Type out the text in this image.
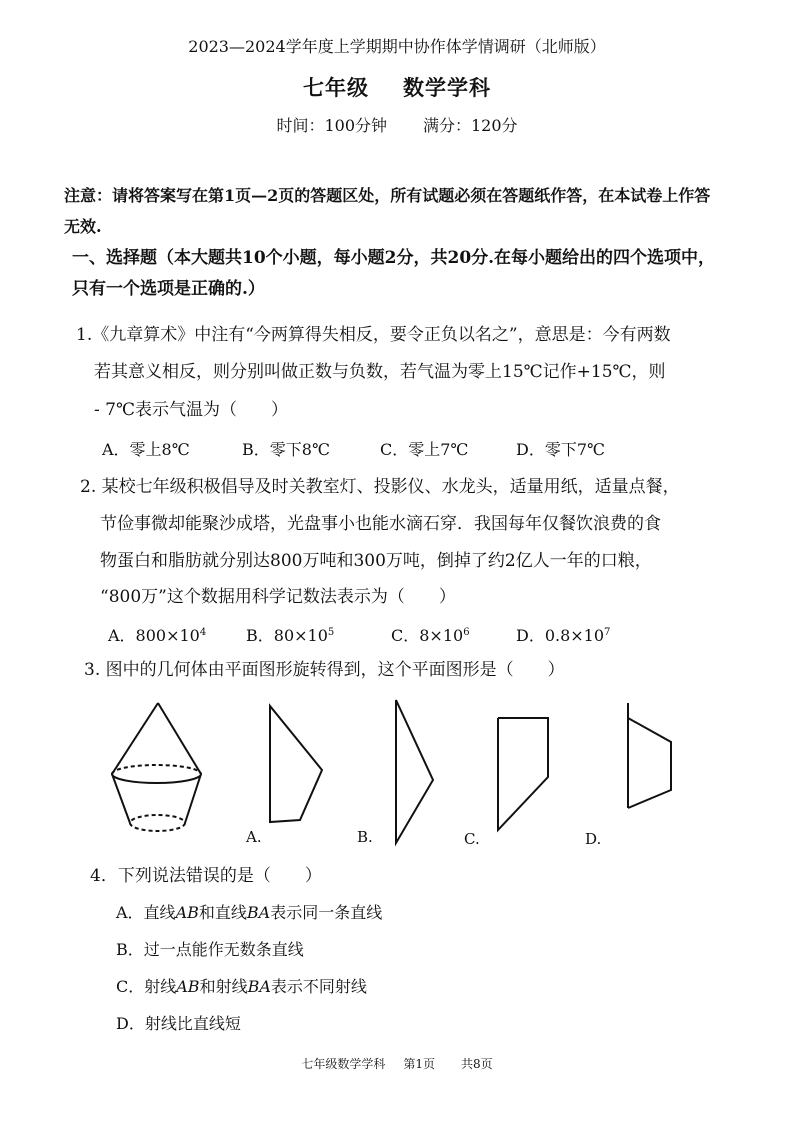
2023—2024学年度上学期期中协作体学情调研（北师版）
七年级 数学学科
时间：100分钟 满分：120分
注意：请将答案写在第1页—2页的答题区处，所有试题必须在答题纸作答，在本试卷上作答无效.
一、选择题（本大题共10个小题，每小题2分，共20分.在每小题给出的四个选项中，只有一个选项是正确的.）
1.《九章算术》中注有“今两算得失相反，要令正负以名之”，意思是：今有两数
若其意义相反，则分别叫做正数与负数，若气温为零上15℃记作+15℃，则
- 7℃表示气温为（　　）
A．零上8℃	B．零下8℃	C．零上7℃	D．零下7℃
2. 某校七年级积极倡导及时关教室灯、投影仪、水龙头，适量用纸，适量点餐，
节俭事微却能聚沙成塔，光盘事小也能水滴石穿．我国每年仅餐饮浪费的食
物蛋白和脂肪就分别达800万吨和300万吨，倒掉了约2亿人一年的口粮，
“800万”这个数据用科学记数法表示为（　　）
A．$800\times 10^4$ B．$80\times 10^5$	C．$8\times 10^6$	D．$0.8\times 10^7$
3. 图中的几何体由平面图形旋转得到，这个平面图形是（　　）
A.	B.	C.	D.
4．下列说法错误的是（　　）
A．直线AB和直线BA表示同一条直线
B．过一点能作无数条直线
C．射线AB和射线BA表示不同射线
D．射线比直线短
七年级数学学科 第1页 共8页
